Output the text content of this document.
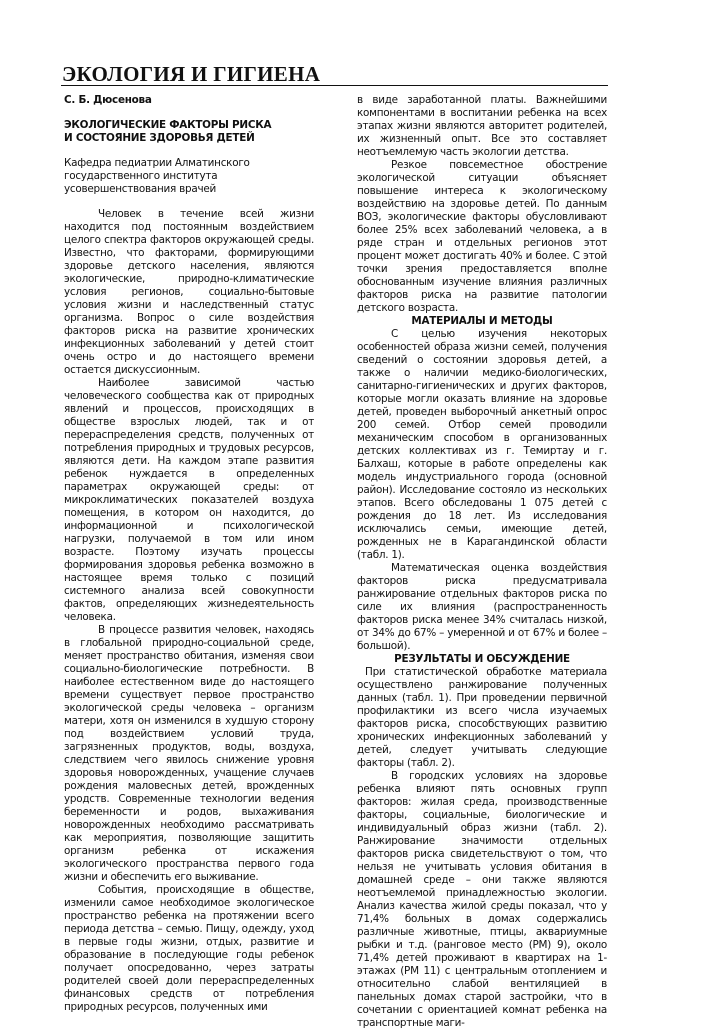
ЭКОЛОГИЯ И ГИГИЕНА
С. Б. Дюсенова
ЭКОЛОГИЧЕСКИЕ ФАКТОРЫ РИСКА
И СОСТОЯНИЕ ЗДОРОВЬЯ ДЕТЕЙ
Кафедра педиатрии Алматинского государственного института усовершенствования врачей

Человек в течение всей жизни находится под постоянным воздействием целого спектра факторов окружающей среды. Известно, что факторами, формирующими здоровье детского населения, являются экологические, природно-климатические условия регионов, социально-бытовые условия жизни и наследственный статус организма. Вопрос о силе воздействия факторов риска на развитие хронических инфекционных заболеваний у детей стоит очень остро и до настоящего времени остается дискуссионным.

Наиболее зависимой частью человеческого сообщества как от природных явлений и процессов, происходящих в обществе взрослых людей, так и от перераспределения средств, полученных от потребления природных и трудовых ресурсов, являются дети. На каждом этапе развития ребенок нуждается в определенных параметрах окружающей среды: от микроклиматических показателей воздуха помещения, в котором он находится, до информационной и психологической нагрузки, получаемой в том или ином возрасте. Поэтому изучать процессы формирования здоровья ребенка возможно в настоящее время только с позиций системного анализа всей совокупности фактов, определяющих жизнедеятельность человека.

В процессе развития человек, находясь в глобальной природно-социальной среде, меняет пространство обитания, изменяя свои социально-биологические потребности. В наиболее естественном виде до настоящего времени существует первое пространство экологической среды человека – организм матери, хотя он изменился в худшую сторону под воздействием условий труда, загрязненных продуктов, воды, воздуха, следствием чего явилось снижение уровня здоровья новорожденных, учащение случаев рождения маловесных детей, врожденных уродств. Современные технологии ведения беременности и родов, выхаживания новорожденных необходимо рассматривать как мероприятия, позволяющие защитить организм ребенка от искажения экологического пространства первого года жизни и обеспечить его выживание.

События, происходящие в обществе, изменили самое необходимое экологическое пространство ребенка на протяжении всего периода детства – семью. Пищу, одежду, уход в первые годы жизни, отдых, развитие и образование в последующие годы ребенок получает опосредованно, через затраты родителей своей доли перераспределенных финансовых средств от потребления природных ресурсов, полученных ими

в виде заработанной платы. Важнейшими компонентами в воспитании ребенка на всех этапах жизни являются авторитет родителей, их жизненный опыт. Все это составляет неотъемлемую часть экологии детства.

Резкое повсеместное обострение экологической ситуации объясняет повышение интереса к экологическому воздействию на здоровье детей. По данным ВОЗ, экологические факторы обусловливают более 25% всех заболеваний человека, а в ряде стран и отдельных регионов этот процент может достигать 40% и более. С этой точки зрения предоставляется вполне обоснованным изучение влияния различных факторов риска на развитие патологии детского возраста.

МАТЕРИАЛЫ И МЕТОДЫ

С целью изучения некоторых особенностей образа жизни семей, получения сведений о состоянии здоровья детей, а также о наличии медико-биологических, санитарно-гигиенических и других факторов, которые могли оказать влияние на здоровье детей, проведен выборочный анкетный опрос 200 семей. Отбор семей проводили механическим способом в организованных детских коллективах из г. Темиртау и г. Балхаш, которые в работе определены как модель индустриального города (основной район). Исследование состояло из нескольких этапов. Всего обследованы 1 075 детей с рождения до 18 лет. Из исследования исключались семьи, имеющие детей, рожденных не в Карагандинской области (табл. 1).

Математическая оценка воздействия факторов риска предусматривала ранжирование отдельных факторов риска по силе их влияния (распространенность факторов риска менее 34% считалась низкой, от 34% до 67% – умеренной и от 67% и более – большой).

РЕЗУЛЬТАТЫ И ОБСУЖДЕНИЕ

При статистической обработке материала осуществлено ранжирование полученных данных (табл. 1). При проведении первичной профилактики из всего числа изучаемых факторов риска, способствующих развитию хронических инфекционных заболеваний у детей, следует учитывать следующие факторы (табл. 2).

В городских условиях на здоровье ребенка влияют пять основных групп факторов: жилая среда, производственные факторы, социальные, биологические и индивидуальный образ жизни (табл. 2). Ранжирование значимости отдельных факторов риска свидетельствуют о том, что нельзя не учитывать условия обитания в домашней среде – они также являются неотъемлемой принадлежностью экологии. Анализ качества жилой среды показал, что у 71,4% больных в домах содержались различные животные, птицы, аквариумные рыбки и т.д. (ранговое место (РМ) 9), около 71,4% детей проживают в квартирах на 1-этажах (РМ 11) с центральным отоплением и относительно слабой вентиляцией в панельных домах старой застройки, что в сочетании с ориентацией комнат ребенка на транспортные маги-
